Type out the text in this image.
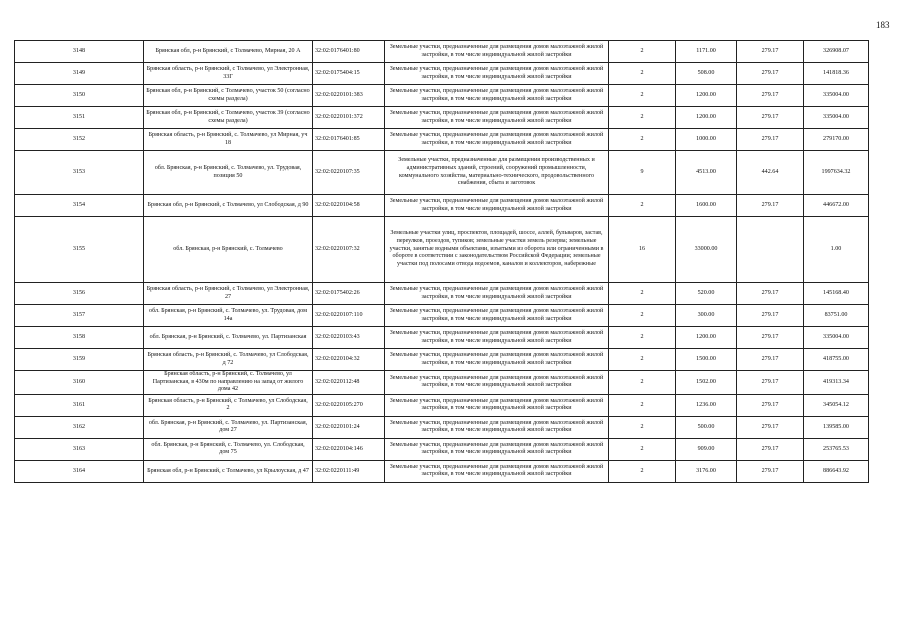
183
3148	Брянская обл, р-н Брянский, с Толмачево, Мирная, 20 А	32:02:0176401:80	Земельные участки, предназначенные для размещения домов малоэтажной жилой застройки, в том числе индивидуальной жилой застройки	2	1171.00	279.17	326908.07
3149	Брянская область, р-н Брянский, с Толмачево, ул Электронная, 33Г	32:02:0175404:15	Земельные участки, предназначенные для размещения домов малоэтажной жилой застройки, в том числе индивидуальной жилой застройки	2	508.00	279.17	141818.36
3150	Брянская обл, р-н Брянский, с Толмачево, участок 50 (согласно схемы раздела)	32:02:0220101:383	Земельные участки, предназначенные для размещения домов малоэтажной жилой застройки, в том числе индивидуальной жилой застройки	2	1200.00	279.17	335004.00
3151	Брянская обл, р-н Брянский, с Толмачево, участок 39 (согласно схемы раздела)	32:02:0220101:372	Земельные участки, предназначенные для размещения домов малоэтажной жилой застройки, в том числе индивидуальной жилой застройки	2	1200.00	279.17	335004.00
3152	Брянская область, р-н Брянский, с. Толмачево, ул Мирная, уч 18	32:02:0176401:85	Земельные участки, предназначенные для размещения домов малоэтажной жилой застройки, в том числе индивидуальной жилой застройки	2	1000.00	279.17	279170.00
3153	обл. Брянская, р-н Брянский, с. Толмачево, ул. Трудовая, позиция 50	32:02:0220107:35	Земельные участки, предназначенные для размещения производственных и административных зданий, строений, сооружений промышленности, коммунального хозяйства, материально-технического, продовольственного снабжения, сбыта и заготовок	9	4513.00	442.64	1997634.32
3154	Брянская обл, р-н Брянский, с Толмачево, ул Слободская, д 90	32:02:0220104:58	Земельные участки, предназначенные для размещения домов малоэтажной жилой застройки, в том числе индивидуальной жилой застройки	2	1600.00	279.17	446672.00
3155	обл. Брянская, р-н Брянский, с. Толмачево	32:02:0220107:32	Земельные участки улиц, проспектов, площадей, шоссе, аллей, бульваров, застав, переулков, проездов, тупиков; земельные участки земель резерва; земельные участки, занятые водными объектами, изъятыми из оборота или ограниченными в обороте в соответствии с законодательством Российской Федерации; земельные участки под полосами отвода водоемов, каналов и коллекторов, набережные	16	33000.00		1.00
3156	Брянская область, р-н Брянский, с Толмачево, ул Электронная, 27	32:02:0175402:26	Земельные участки, предназначенные для размещения домов малоэтажной жилой застройки, в том числе индивидуальной жилой застройки	2	520.00	279.17	145168.40
3157	обл. Брянская, р-н Брянский, с. Толмачево, ул. Трудовая, дом 14а	32:02:0220107:110	Земельные участки, предназначенные для размещения домов малоэтажной жилой застройки, в том числе индивидуальной жилой застройки	2	300.00	279.17	83751.00
3158	обл. Брянская, р-н Брянский, с. Толмачево, ул. Партизанская	32:02:0220103:43	Земельные участки, предназначенные для размещения домов малоэтажной жилой застройки, в том числе индивидуальной жилой застройки	2	1200.00	279.17	335004.00
3159	Брянская область, р-н Брянский, с. Толмачево, ул Слободская, д 72	32:02:0220104:32	Земельные участки, предназначенные для размещения домов малоэтажной жилой застройки, в том числе индивидуальной жилой застройки	2	1500.00	279.17	418755.00
3160	Брянская область, р-н Брянский, с. Толмачево, ул Партизанская, в 430м по направлению на запад от жилого дома 42	32:02:0220112:48	Земельные участки, предназначенные для размещения домов малоэтажной жилой застройки, в том числе индивидуальной жилой застройки	2	1502.00	279.17	419313.34
3161	Брянская область, р-н Брянский, с Толмачево, ул Слободская, 2	32:02:0220105:270	Земельные участки, предназначенные для размещения домов малоэтажной жилой застройки, в том числе индивидуальной жилой застройки	2	1236.00	279.17	345054.12
3162	обл. Брянская, р-н Брянский, с. Толмачево, ул. Партизанская, дом 27	32:02:0220101:24	Земельные участки, предназначенные для размещения домов малоэтажной жилой застройки, в том числе индивидуальной жилой застройки	2	500.00	279.17	139585.00
3163	обл. Брянская, р-н Брянский, с. Толмачево, ул. Слободская, дом 75	32:02:0220104:146	Земельные участки, предназначенные для размещения домов малоэтажной жилой застройки, в том числе индивидуальной жилой застройки	2	909.00	279.17	253765.53
3164	Брянская обл, р-н Брянский, с Толмачево, ул Крылоуская, д 47	32:02:0220111:49	Земельные участки, предназначенные для размещения домов малоэтажной жилой застройки, в том числе индивидуальной жилой застройки	2	3176.00	279.17	886643.92
